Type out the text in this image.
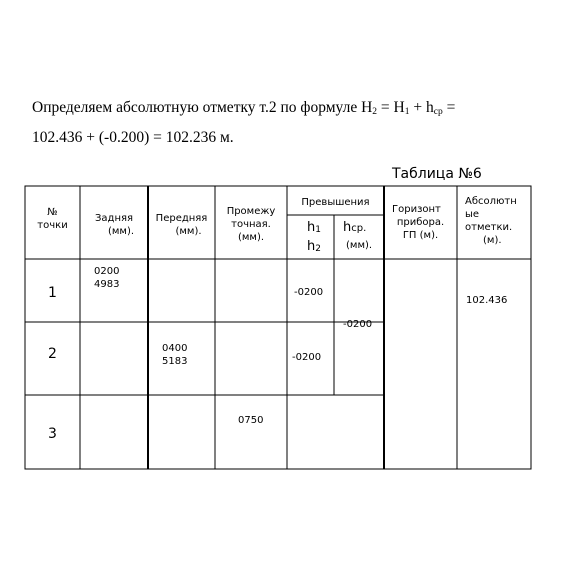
Определяем абсолютную отметку т.2 по формуле $H_2 = H_1 + h_{cp}$ =
102.436 + (-0.200) = 102.236 м.
Таблица №6
№
точки
Задняя
(мм).
Передняя
(мм).
Промежу
точная.
(мм).
Превышения
$h_1$
$h_2$
hср.
(мм).
Горизонт
прибора.
ГП (м).
Абсолютн
ые
отметки.
(м).
1
0200
4983
-0200
2	0400
5183	-0200
3
0750
-0200
102.436
